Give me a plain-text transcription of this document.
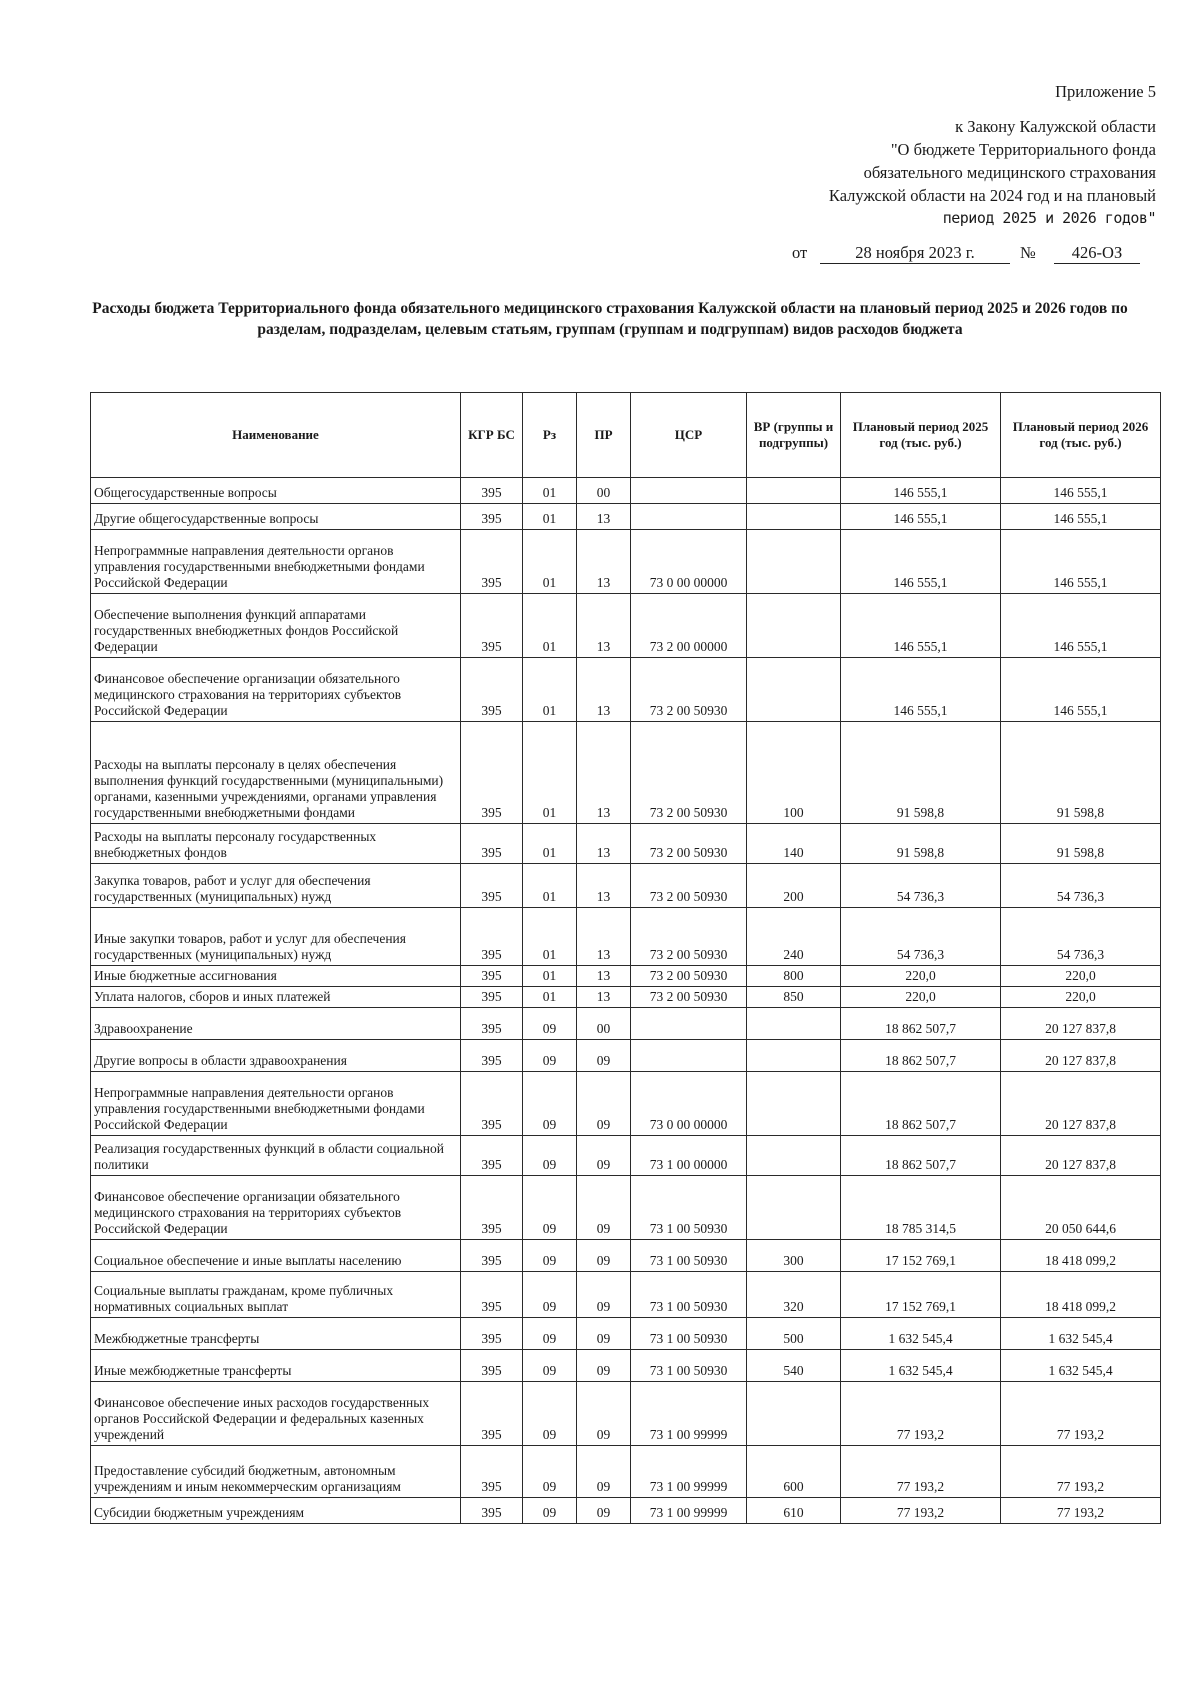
Приложение 5
к Закону Калужской области
"О бюджете Территориального фонда
обязательного медицинского страхования
Калужской области на 2024 год и на плановый
период 2025 и 2026 годов"
от	28 ноября 2023 г.	№	426-ОЗ
Расходы бюджета Территориального фонда обязательного медицинского страхования Калужской области на плановый период 2025 и 2026 годов по разделам, подразделам, целевым статьям, группам (группам и подгруппам) видов расходов бюджета
Наименование	КГР БС	Рз	ПР	ЦСР	ВР (группы и подгруппы)	Плановый период 2025 год (тыс. руб.)	Плановый период 2026 год (тыс. руб.)
Общегосударственные вопросы	395	01	00			146 555,1	146 555,1
Другие общегосударственные вопросы	395	01	13			146 555,1	146 555,1
Непрограммные направления деятельности органов управления государственными внебюджетными фондами Российской Федерации	395	01	13	73 0 00 00000		146 555,1	146 555,1
Обеспечение выполнения функций аппаратами государственных внебюджетных фондов Российской Федерации	395	01	13	73 2 00 00000		146 555,1	146 555,1
Финансовое обеспечение организации обязательного медицинского страхования на территориях субъектов Российской Федерации	395	01	13	73 2 00 50930		146 555,1	146 555,1
Расходы на выплаты персоналу в целях обеспечения выполнения функций государственными (муниципальными) органами, казенными учреждениями, органами управления государственными внебюджетными фондами	395	01	13	73 2 00 50930	100	91 598,8	91 598,8
Расходы на выплаты персоналу государственных внебюджетных фондов	395	01	13	73 2 00 50930	140	91 598,8	91 598,8
Закупка товаров, работ и услуг для обеспечения государственных (муниципальных) нужд	395	01	13	73 2 00 50930	200	54 736,3	54 736,3
Иные закупки товаров, работ и услуг для обеспечения государственных (муниципальных) нужд	395	01	13	73 2 00 50930	240	54 736,3	54 736,3
Иные бюджетные ассигнования	395	01	13	73 2 00 50930	800	220,0	220,0
Уплата налогов, сборов и иных платежей	395	01	13	73 2 00 50930	850	220,0	220,0
Здравоохранение	395	09	00			18 862 507,7	20 127 837,8
Другие вопросы в области здравоохранения	395	09	09			18 862 507,7	20 127 837,8
Непрограммные направления деятельности органов управления государственными внебюджетными фондами Российской Федерации	395	09	09	73 0 00 00000		18 862 507,7	20 127 837,8
Реализация государственных функций в области социальной политики	395	09	09	73 1 00 00000		18 862 507,7	20 127 837,8
Финансовое обеспечение организации обязательного медицинского страхования на территориях субъектов Российской Федерации	395	09	09	73 1 00 50930		18 785 314,5	20 050 644,6
Социальное обеспечение и иные выплаты населению	395	09	09	73 1 00 50930	300	17 152 769,1	18 418 099,2
Социальные выплаты гражданам, кроме публичных нормативных социальных выплат	395	09	09	73 1 00 50930	320	17 152 769,1	18 418 099,2
Межбюджетные трансферты	395	09	09	73 1 00 50930	500	1 632 545,4	1 632 545,4
Иные межбюджетные трансферты	395	09	09	73 1 00 50930	540	1 632 545,4	1 632 545,4
Финансовое обеспечение иных расходов государственных органов Российской Федерации и федеральных казенных учреждений	395	09	09	73 1 00 99999		77 193,2	77 193,2
Предоставление субсидий бюджетным, автономным учреждениям и иным некоммерческим организациям	395	09	09	73 1 00 99999	600	77 193,2	77 193,2
Субсидии бюджетным учреждениям	395	09	09	73 1 00 99999	610	77 193,2	77 193,2
